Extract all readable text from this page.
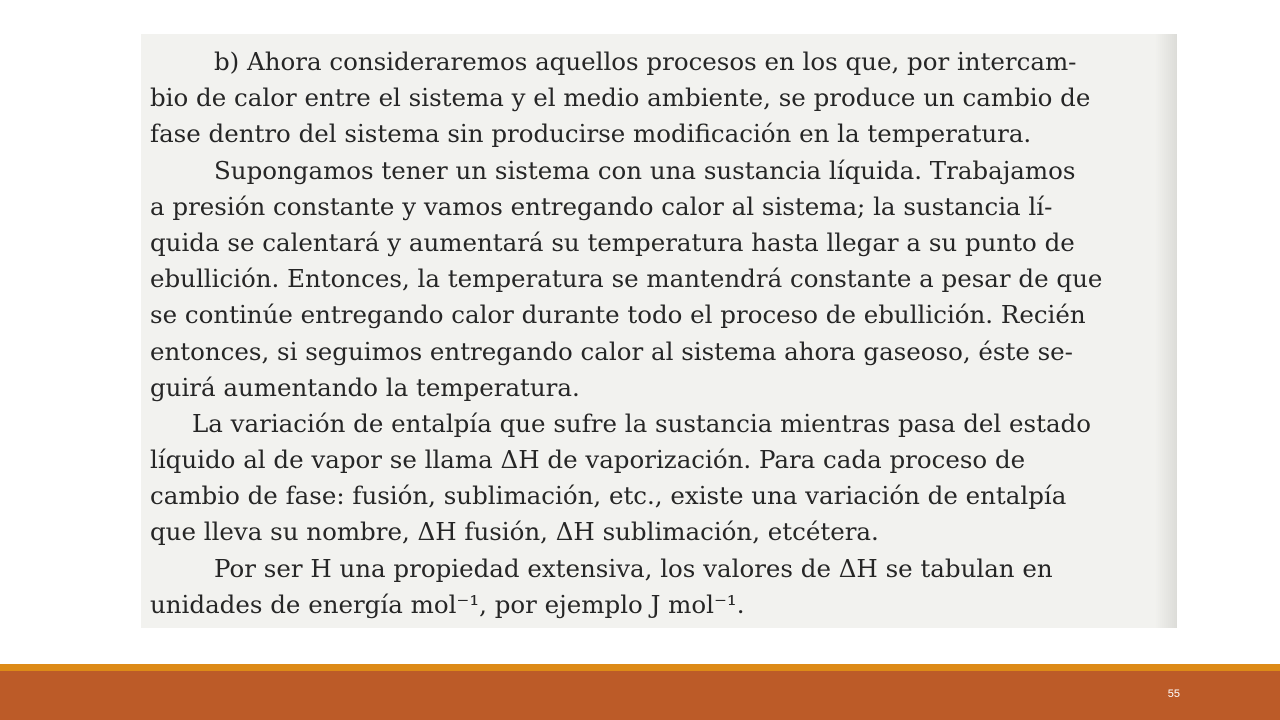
b) Ahora consideraremos aquellos procesos en los que, por intercam-
bio de calor entre el sistema y el medio ambiente, se produce un cambio de
fase dentro del sistema sin producirse modificación en la temperatura.
Supongamos tener un sistema con una sustancia líquida. Trabajamos
a presión constante y vamos entregando calor al sistema; la sustancia lí-
quida se calentará y aumentará su temperatura hasta llegar a su punto de
ebullición. Entonces, la temperatura se mantendrá constante a pesar de que
se continúe entregando calor durante todo el proceso de ebullición. Recién
entonces, si seguimos entregando calor al sistema ahora gaseoso, éste se-
guirá aumentando la temperatura.
La variación de entalpía que sufre la sustancia mientras pasa del estado
líquido al de vapor se llama ΔH de vaporización. Para cada proceso de
cambio de fase: fusión, sublimación, etc., existe una variación de entalpía
que lleva su nombre, ΔH fusión, ΔH sublimación, etcétera.
Por ser H una propiedad extensiva, los valores de ΔH se tabulan en
unidades de energía mol⁻¹, por ejemplo J mol⁻¹.
55
